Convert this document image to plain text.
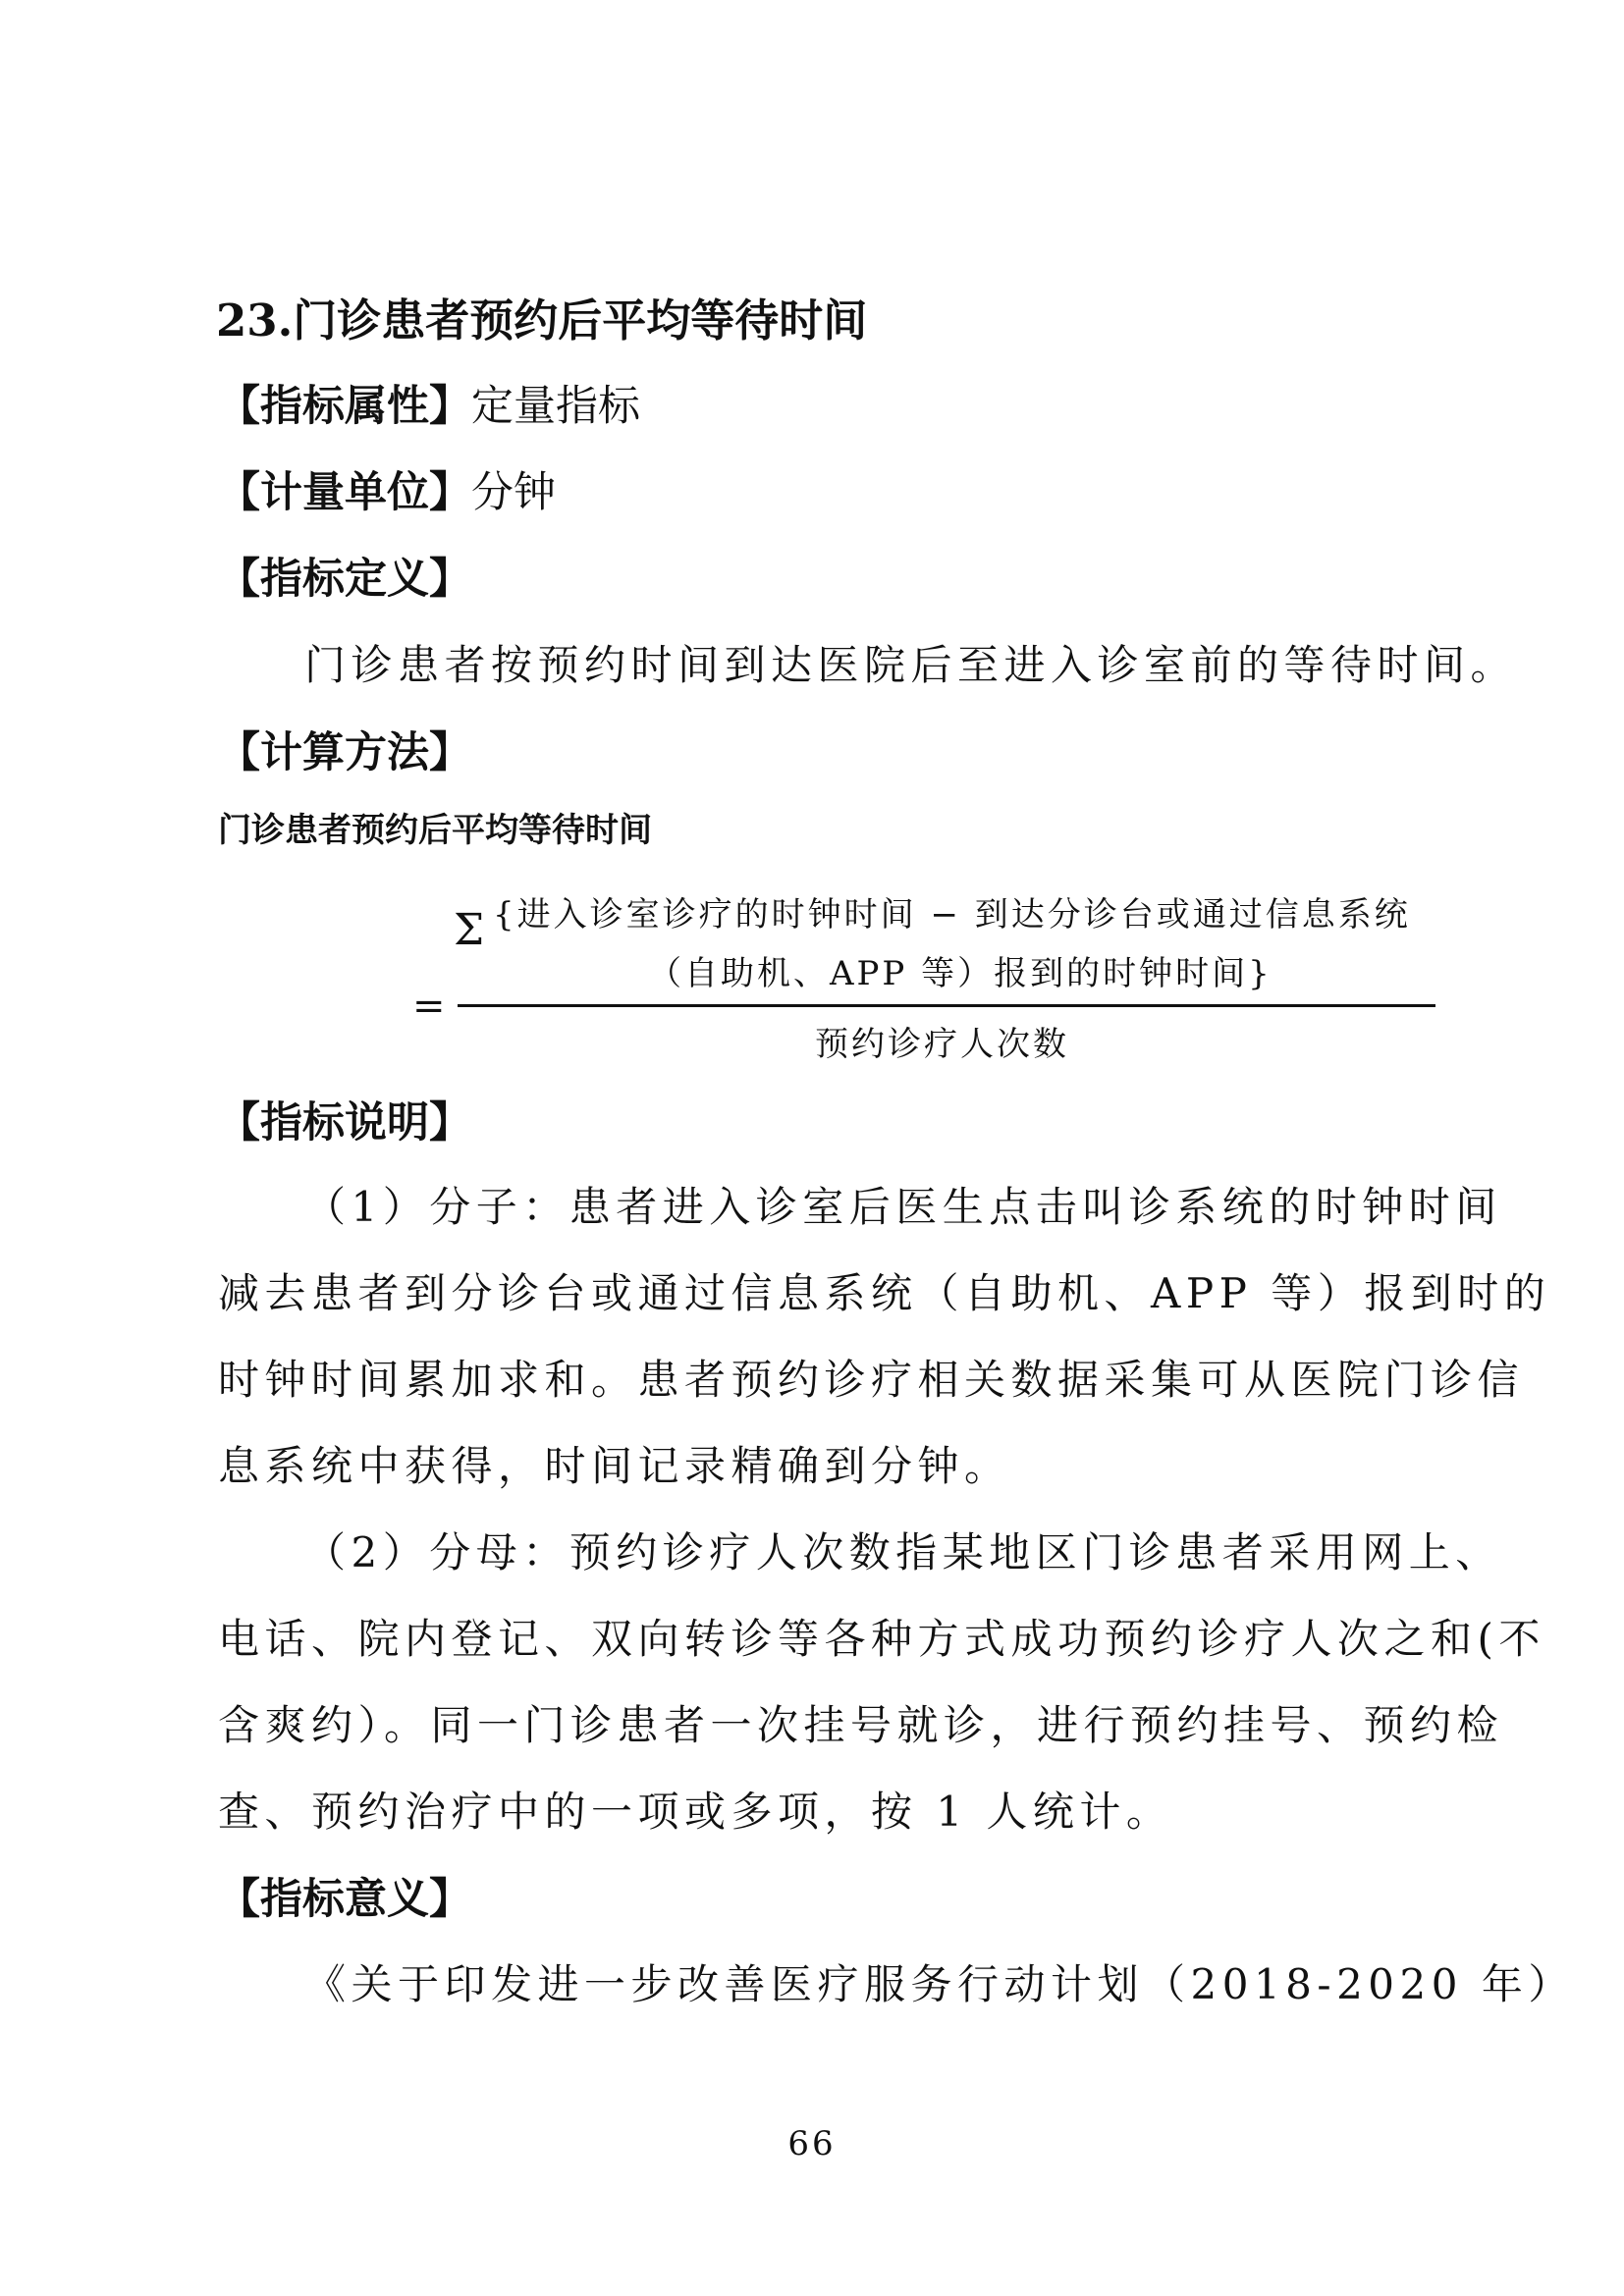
23.门诊患者预约后平均等待时间
【指标属性】定量指标
【计量单位】分钟
【指标定义】
门诊患者按预约时间到达医院后至进入诊室前的等待时间。
【计算方法】
门诊患者预约后平均等待时间
=
Σ {进入诊室诊疗的时钟时间 − 到达分诊台或通过信息系统
（自助机、APP 等）报到的时钟时间}
预约诊疗人次数
【指标说明】
（1）分子：患者进入诊室后医生点击叫诊系统的时钟时间
减去患者到分诊台或通过信息系统（自助机、APP 等）报到时的
时钟时间累加求和。患者预约诊疗相关数据采集可从医院门诊信
息系统中获得，时间记录精确到分钟。
（2）分母：预约诊疗人次数指某地区门诊患者采用网上、
电话、院内登记、双向转诊等各种方式成功预约诊疗人次之和(不
含爽约）。同一门诊患者一次挂号就诊，进行预约挂号、预约检
查、预约治疗中的一项或多项，按 1 人统计。
【指标意义】
《关于印发进一步改善医疗服务行动计划（2018-2020 年）
66
